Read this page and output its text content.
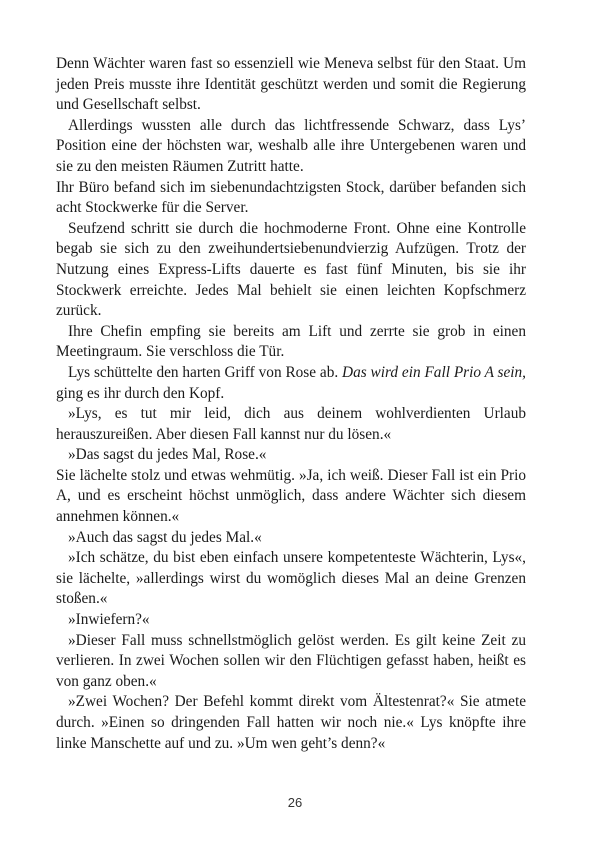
Denn Wächter waren fast so essenziell wie Meneva selbst für den Staat. Um jeden Preis musste ihre Identität geschützt werden und somit die Regierung und Gesellschaft selbst.

Allerdings wussten alle durch das lichtfressende Schwarz, dass Lys’ Position eine der höchsten war, weshalb alle ihre Untergebenen waren und sie zu den meisten Räumen Zutritt hatte.

Ihr Büro befand sich im siebenundachtzigsten Stock, darüber befanden sich acht Stockwerke für die Server.

Seufzend schritt sie durch die hochmoderne Front. Ohne eine Kontrolle begab sie sich zu den zweihundertsiebenundvierzig Aufzügen. Trotz der Nutzung eines Express-Lifts dauerte es fast fünf Minuten, bis sie ihr Stockwerk erreichte. Jedes Mal behielt sie einen leichten Kopfschmerz zurück.

Ihre Chefin empfing sie bereits am Lift und zerrte sie grob in einen Meetingraum. Sie verschloss die Tür.

Lys schüttelte den harten Griff von Rose ab. Das wird ein Fall Prio A sein, ging es ihr durch den Kopf.

»Lys, es tut mir leid, dich aus deinem wohlverdienten Urlaub herauszureißen. Aber diesen Fall kannst nur du lösen.«

»Das sagst du jedes Mal, Rose.«

Sie lächelte stolz und etwas wehmütig. »Ja, ich weiß. Dieser Fall ist ein Prio A, und es erscheint höchst unmöglich, dass andere Wächter sich diesem annehmen können.«

»Auch das sagst du jedes Mal.«

»Ich schätze, du bist eben einfach unsere kompetenteste Wächterin, Lys«, sie lächelte, »allerdings wirst du womöglich dieses Mal an deine Grenzen stoßen.«

»Inwiefern?«

»Dieser Fall muss schnellstmöglich gelöst werden. Es gilt keine Zeit zu verlieren. In zwei Wochen sollen wir den Flüchtigen gefasst haben, heißt es von ganz oben.«

»Zwei Wochen? Der Befehl kommt direkt vom Ältestenrat?« Sie atmete durch. »Einen so dringenden Fall hatten wir noch nie.« Lys knöpfte ihre linke Manschette auf und zu. »Um wen geht’s denn?«

26
